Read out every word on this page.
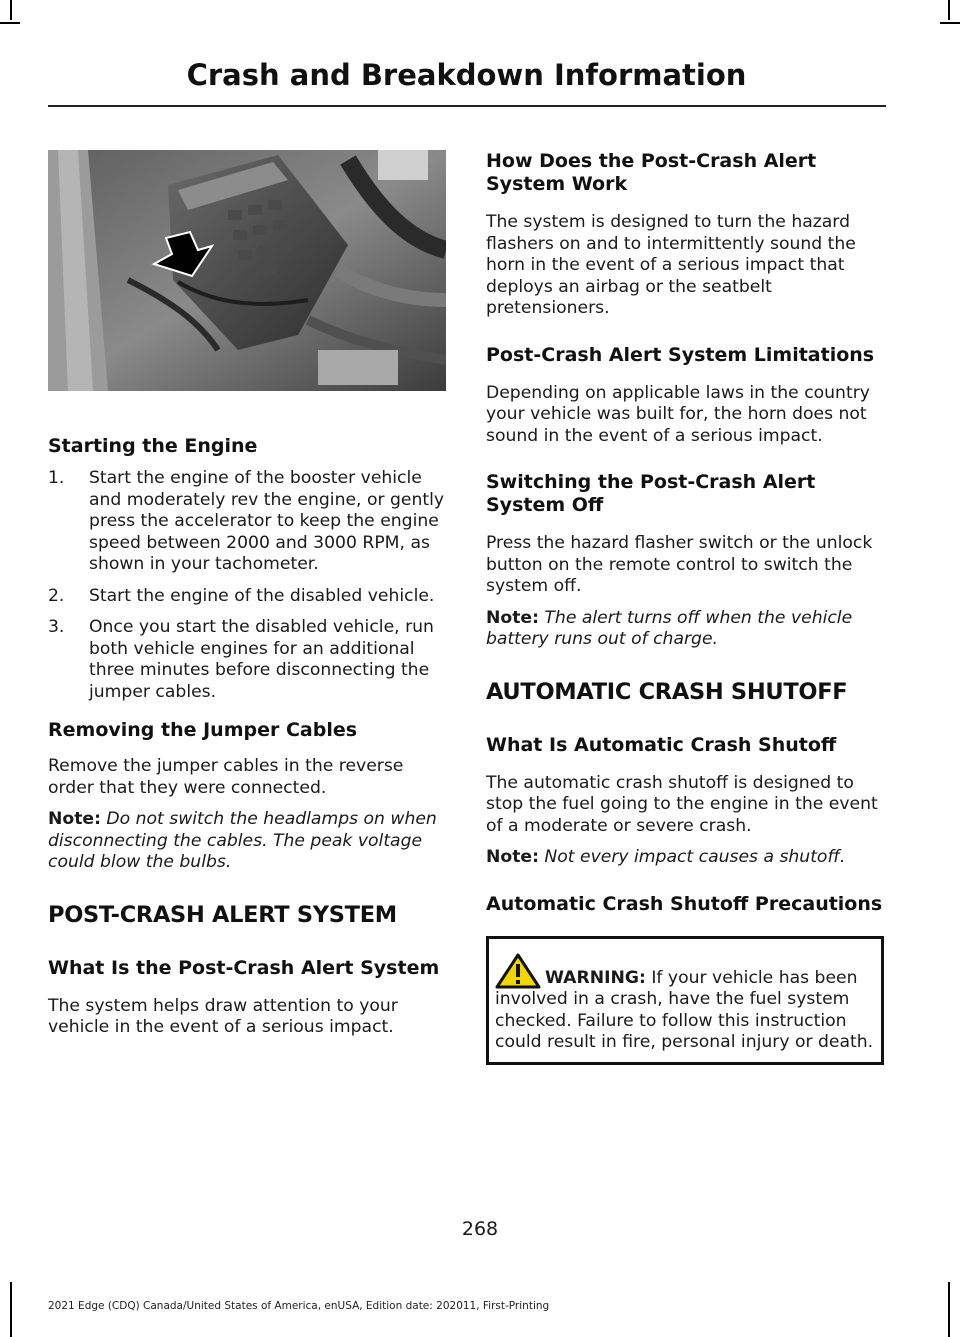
Crash and Breakdown Information
Starting the Engine
1. Start the engine of the booster vehicle and moderately rev the engine, or gently press the accelerator to keep the engine speed between 2000 and 3000 RPM, as shown in your tachometer.
2. Start the engine of the disabled vehicle.
3. Once you start the disabled vehicle, run both vehicle engines for an additional three minutes before disconnecting the jumper cables.
Removing the Jumper Cables

Remove the jumper cables in the reverse order that they were connected.

Note: Do not switch the headlamps on when disconnecting the cables. The peak voltage could blow the bulbs.

POST-CRASH ALERT SYSTEM
What Is the Post-Crash Alert System

The system helps draw attention to your vehicle in the event of a serious impact.

How Does the Post-Crash Alert System Work

The system is designed to turn the hazard flashers on and to intermittently sound the horn in the event of a serious impact that deploys an airbag or the seatbelt pretensioners.

Post-Crash Alert System Limitations

Depending on applicable laws in the country your vehicle was built for, the horn does not sound in the event of a serious impact.

Switching the Post-Crash Alert System Off

Press the hazard flasher switch or the unlock button on the remote control to switch the system off.

Note: The alert turns off when the vehicle battery runs out of charge.

AUTOMATIC CRASH SHUTOFF
What Is Automatic Crash Shutoff

The automatic crash shutoff is designed to stop the fuel going to the engine in the event of a moderate or severe crash.

Note: Not every impact causes a shutoff.

Automatic Crash Shutoff Precautions

WARNING: If your vehicle has been involved in a crash, have the fuel system checked. Failure to follow this instruction could result in fire, personal injury or death.

268
2021 Edge (CDQ) Canada/United States of America, enUSA, Edition date: 202011, First-Printing
